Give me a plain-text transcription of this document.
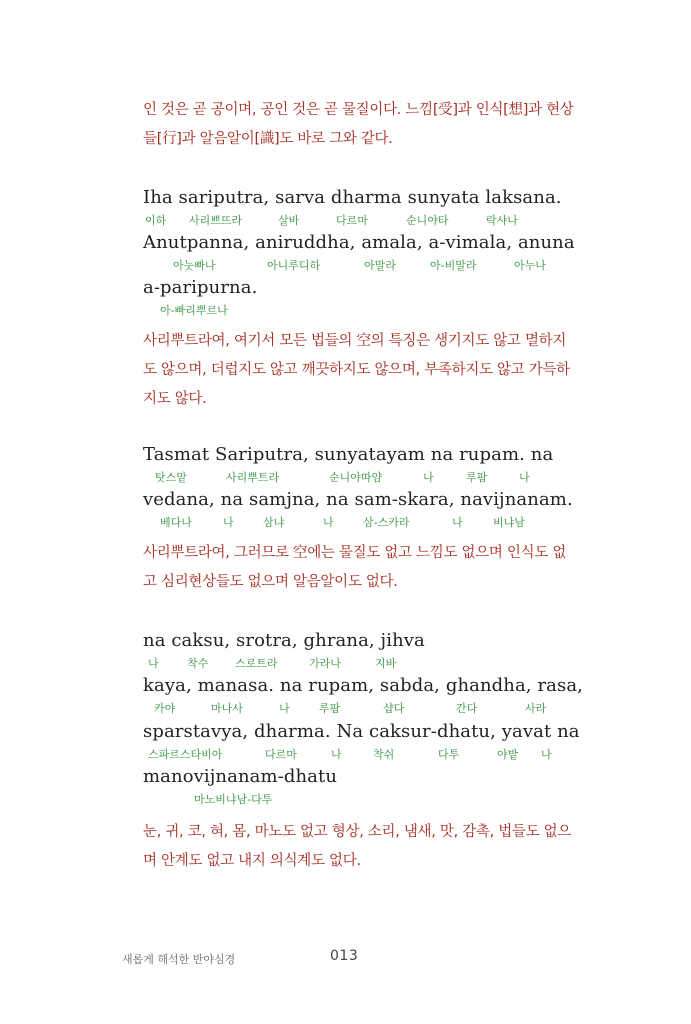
인 것은 곧 공이며, 공인 것은 곧 물질이다. 느낌[受]과 인식[想]과 현상

들[行]과 알음알이[識]도 바로 그와 같다.

Iha sariputra, sarva dharma sunyata laksana.
이하 사리쁘뜨라	살바	다르마	순니야타	락샤나
Anutpanna, aniruddha, amala, a-vimala, anuna
아눗빠나	아니루디하	아말라	아-비말라	아누나
a-paripurna.
아-빠리뿌르나

사리뿌트라여, 여기서 모든 법들의 空의 특징은 생기지도 않고 멸하지

도 않으며, 더럽지도 않고 깨끗하지도 않으며, 부족하지도 않고 가득하

지도 않다.

Tasmat Sariputra, sunyatayam na rupam. na
탓스맡	사리뿌트라	순니야따얌	나	루팜	나
vedana, na samjna, na sam-skara, navijnanam.
베다나	나	삼냐	나	삼-스카라	나	비냐남

사리뿌트라여, 그러므로 空에는 물질도 없고 느낌도 없으며 인식도 없

고 심리현상들도 없으며 알음알이도 없다.

na caksu, srotra, ghrana, jihva
나	착수 스로트라	가라나	지바
kaya, manasa. na rupam, sabda, ghandha, rasa,
카야	마나사	나	루팜	샵다	간다	사라
sparstavya, dharma. Na caksur-dhatu, yavat na
스파르스타비아	다르마	나	착쉬	다투	야밭 나
manovijnanam-dhatu
마노비냐남-다투

눈, 귀, 코, 혀, 몸, 마노도 없고 형상, 소리, 냄새, 맛, 감촉, 법들도 없으

며 안계도 없고 내지 의식계도 없다.

새롭게 해석한 반야심경	013
